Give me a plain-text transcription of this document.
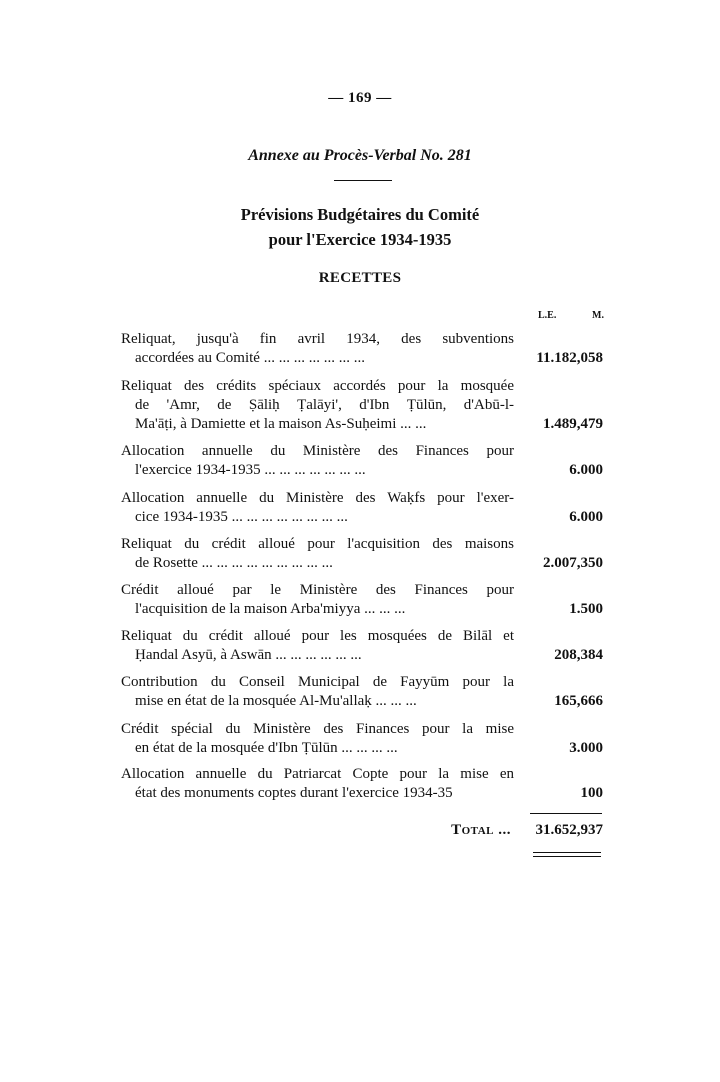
— 169 —
Annexe au Procès-Verbal No. 281
Prévisions Budgétaires du Comité
pour l'Exercice 1934-1935
RECETTES
L.E.	M.
Reliquat, jusqu'à fin avril 1934, des subventions
accordées au Comité ... ... ... ... ... ... ...	11.182,058
Reliquat des crédits spéciaux accordés pour la mosquée
de 'Amr, de Ṣāliḥ Ṭalāyi', d'Ibn Ṭūlūn, d'Abū-l-
Ma'āṭi, à Damiette et la maison As-Suḥeimi ... ...	1.489,479
Allocation annuelle du Ministère des Finances pour
l'exercice 1934-1935 ... ... ... ... ... ... ...	6.000
Allocation annuelle du Ministère des Waḳfs pour l'exer-
cice 1934-1935 ... ... ... ... ... ... ... ...	6.000
Reliquat du crédit alloué pour l'acquisition des maisons
de Rosette ... ... ... ... ... ... ... ... ...	2.007,350
Crédit alloué par le Ministère des Finances pour
l'acquisition de la maison Arba'miyya ... ... ...	1.500
Reliquat du crédit alloué pour les mosquées de Bilāl et
Ḥandal Asyū, à Aswān ... ... ... ... ... ...	208,384
Contribution du Conseil Municipal de Fayyūm pour la
mise en état de la mosquée Al-Mu'allaḳ ... ... ...	165,666
Crédit spécial du Ministère des Finances pour la mise
en état de la mosquée d'Ibn Ṭūlūn ... ... ... ...	3.000
Allocation annuelle du Patriarcat Copte pour la mise en
état des monuments coptes durant l'exercice 1934-35	100
Total ... 31.652,937
